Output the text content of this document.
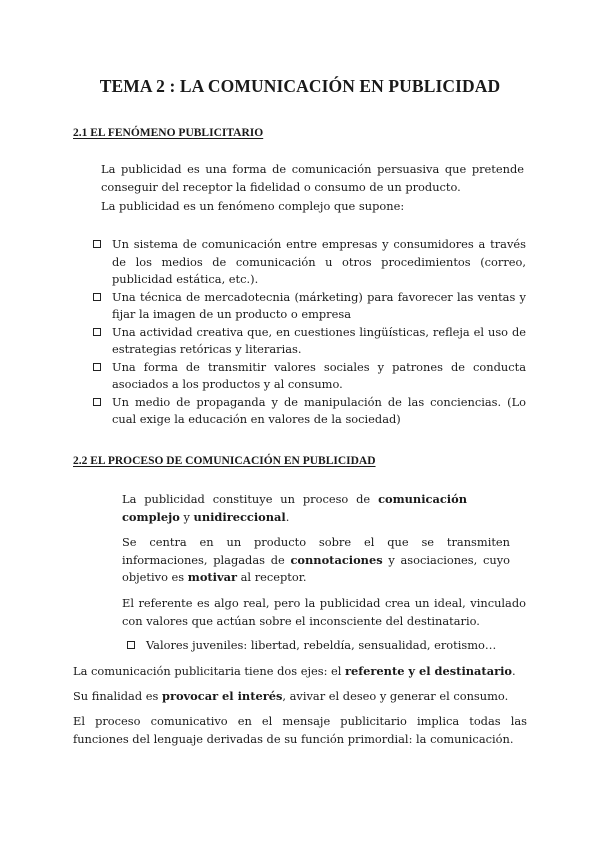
TEMA 2 : LA COMUNICACIÓN EN PUBLICIDAD
2.1 EL FENÓMENO PUBLICITARIO
La publicidad es una forma de comunicación persuasiva que pretende conseguir del receptor la fidelidad o consumo de un producto.
La publicidad es un fenómeno complejo que supone:
Un sistema de comunicación entre empresas y consumidores a través de los medios de comunicación u otros procedimientos (correo, publicidad estática, etc.).
Una técnica de mercadotecnia (márketing) para favorecer las ventas y fijar la imagen de un producto o empresa
Una actividad creativa que, en cuestiones lingüísticas, refleja el uso de estrategias retóricas y literarias.
Una forma de transmitir valores sociales y patrones de conducta asociados a los productos y al consumo.
Un medio de propaganda y de manipulación de las conciencias. (Lo cual exige la educación en valores de la sociedad)
2.2 EL PROCESO DE COMUNICACIÓN EN PUBLICIDAD
La publicidad constituye un proceso de comunicación complejo y unidireccional.
Se centra en un producto sobre el que se transmiten informaciones, plagadas de connotaciones y asociaciones, cuyo objetivo es motivar al receptor.
El referente es algo real, pero la publicidad crea un ideal, vinculado con valores que actúan sobre el inconsciente del destinatario.
Valores juveniles: libertad, rebeldía, sensualidad, erotismo…
La comunicación publicitaria tiene dos ejes: el referente y el destinatario.
Su finalidad es provocar el interés, avivar el deseo y generar el consumo.
El proceso comunicativo en el mensaje publicitario implica todas las funciones del lenguaje derivadas de su función primordial: la comunicación.
